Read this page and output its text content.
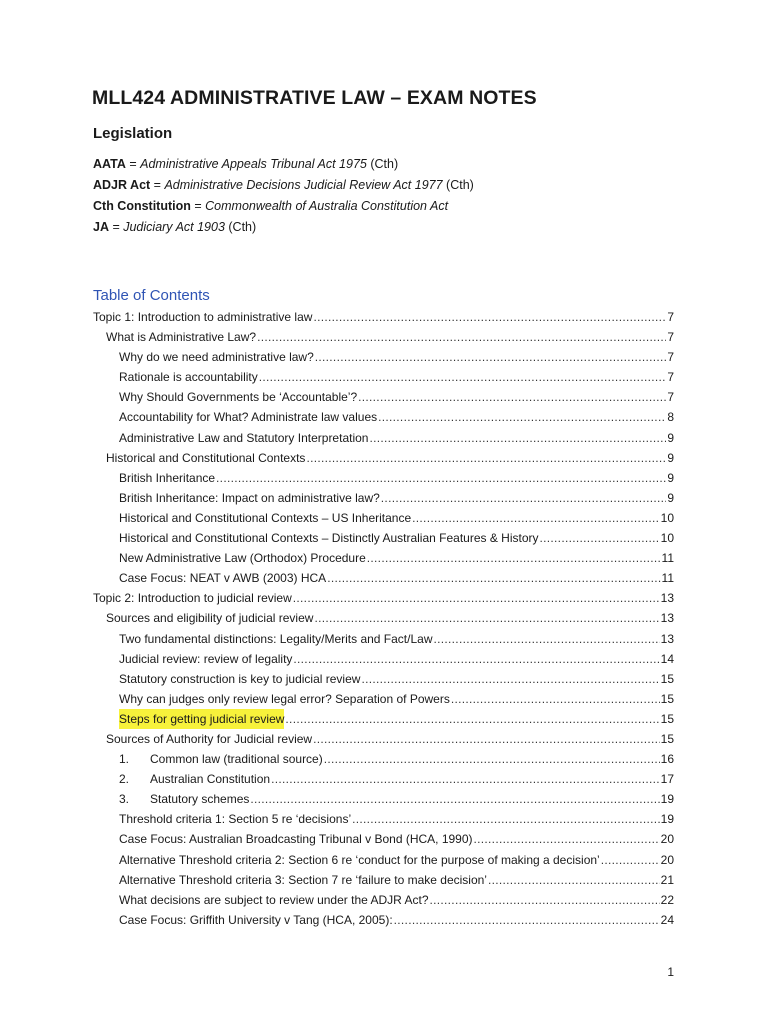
MLL424 ADMINISTRATIVE LAW – EXAM NOTES
Legislation
AATA = Administrative Appeals Tribunal Act 1975 (Cth)
ADJR Act = Administrative Decisions Judicial Review Act 1977 (Cth)
Cth Constitution = Commonwealth of Australia Constitution Act
JA = Judiciary Act 1903 (Cth)
Table of Contents
Topic 1: Introduction to administrative law .....	7
What is Administrative Law? .....	7
Why do we need administrative law? .....	7
Rationale is accountability .....	7
Why Should Governments be ‘Accountable’? .....	7
Accountability for What? Administrate law values .....	8
Administrative Law and Statutory Interpretation .....	9
Historical and Constitutional Contexts .....	9
British Inheritance .....	9
British Inheritance: Impact on administrative law? .....	9
Historical and Constitutional Contexts – US Inheritance .....	10
Historical and Constitutional Contexts – Distinctly Australian Features & History .....	10
New Administrative Law (Orthodox) Procedure .....	11
Case Focus: NEAT v AWB (2003) HCA .....	11
Topic 2: Introduction to judicial review .....	13
Sources and eligibility of judicial review .....	13
Two fundamental distinctions: Legality/Merits and Fact/Law .....	13
Judicial review: review of legality .....	14
Statutory construction is key to judicial review .....	15
Why can judges only review legal error? Separation of Powers .....	15
Steps for getting judicial review .....	15
Sources of Authority for Judicial review .....	15
1.	Common law (traditional source) .....	16
2.	Australian Constitution .....	17
3.	Statutory schemes .....	19
Threshold criteria 1: Section 5 re ‘decisions’ .....	19
Case Focus: Australian Broadcasting Tribunal v Bond (HCA, 1990) .....	20
Alternative Threshold criteria 2: Section 6 re ‘conduct for the purpose of making a decision’ .....	20
Alternative Threshold criteria 3: Section 7 re ‘failure to make decision’ .....	21
What decisions are subject to review under the ADJR Act? .....	22
Case Focus: Griffith University v Tang (HCA, 2005): .....	24
1
